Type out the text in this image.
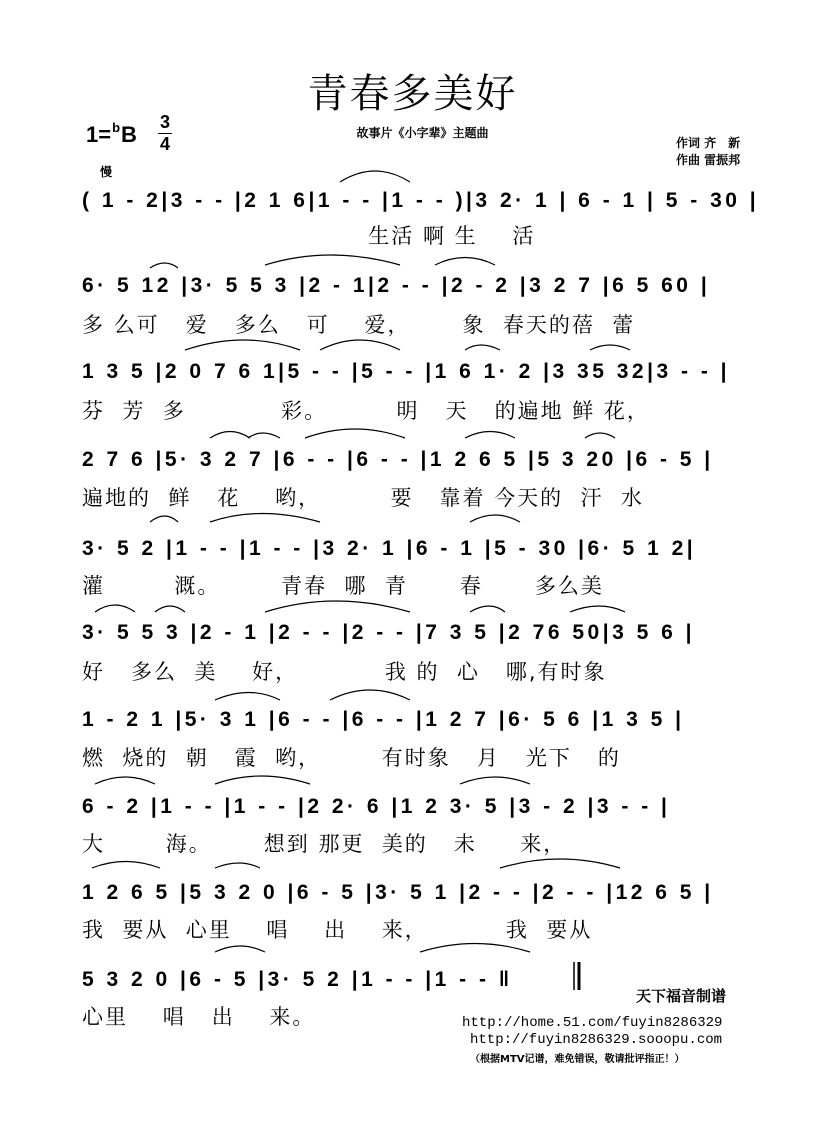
青春多美好
1=$^b$B 3
4
故事片《小字辈》主题曲
作词 齐　新
作曲 雷振邦
慢
( 1 - 2|3 - - |2 1 6|1 - - |1 - - )|3 2· 1 | 6 - 1 | 5 - 30 |
生活 啊 生    活
6· 5 12 |3· 5 5 3 |2 - 1|2 - - |2 - 2 |3 2 7 |6 5 60 |
多 么可   爱   多么   可    爱，      象  春天的蓓  蕾
1 3 5 |2 0 7 6 1|5 - - |5 - - |1 6 1· 2 |3 35 32|3 - - |
芬  芳  多           彩。        明   天   的遍地 鲜 花，
2 7 6 |5· 3 2 7 |6 - - |6 - - |1 2 6 5 |5 3 20 |6 - 5 |
遍地的  鲜   花    哟，        要   靠着 今天的  汗  水
3· 5 2 |1 - - |1 - - |3 2· 1 |6 - 1 |5 - 30 |6· 5 1 2|
灌        溉。       青春  哪  青      春      多么美
3· 5 5 3 |2 - 1 |2 - - |2 - - |7 3 5 |2 76 50|3 5 6 |
好   多么  美    好，          我 的  心   哪,有时象
1 - 2 1 |5· 3 1 |6 - - |6 - - |1 2 7 |6· 5 6 |1 3 5 |
燃  烧的  朝   霞  哟，       有时象   月   光下   的
6 - 2 |1 - - |1 - - |2 2· 6 |1 2 3· 5 |3 - 2 |3 - - |
大       海。      想到 那更  美的   未     来，
1 2 6 5 |5 3 2 0 |6 - 5 |3· 5 1 |2 - - |2 - - |12 6 5 |
我  要从  心里    唱    出    来，         我  要从
5 3 2 0 |6 - 5 |3· 5 2 |1 - - |1 - - ‖
心里    唱   出    来。
天下福音制谱
http://home.51.com/fuyin8286329
http://fuyin8286329.sooopu.com
（根据MTV记谱，难免错误，敬请批评指正！）
